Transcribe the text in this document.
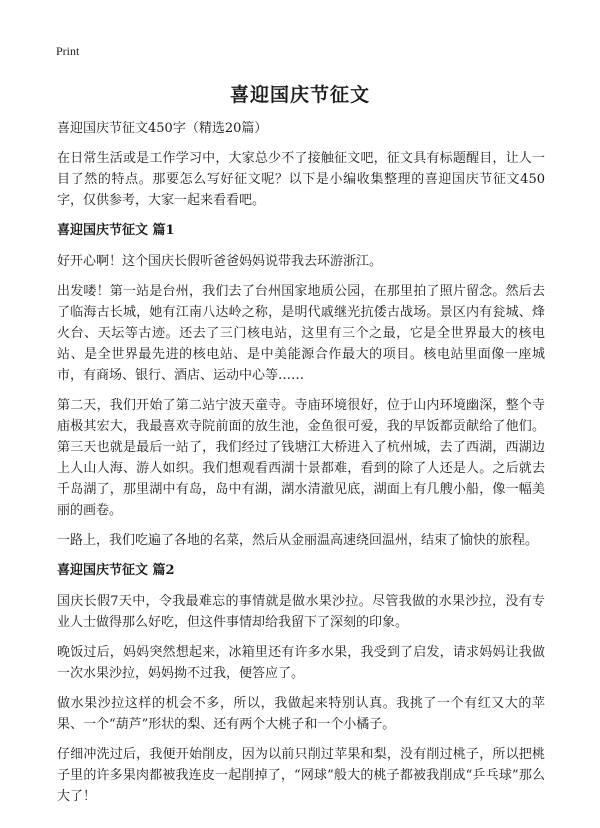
Print
喜迎国庆节征文

喜迎国庆节征文450字（精选20篇）

在日常生活或是工作学习中，大家总少不了接触征文吧，征文具有标题醒目，让人一目了然的特点。那要怎么写好征文呢？以下是小编收集整理的喜迎国庆节征文450字，仅供参考，大家一起来看看吧。

喜迎国庆节征文 篇1

好开心啊！这个国庆长假听爸爸妈妈说带我去环游浙江。

出发喽！第一站是台州，我们去了台州国家地质公园，在那里拍了照片留念。然后去了临海古长城，她有江南八达岭之称，是明代戚继光抗倭古战场。景区内有瓮城、烽火台、天坛等古迹。还去了三门核电站，这里有三个之最，它是全世界最大的核电站、是全世界最先进的核电站、是中美能源合作最大的项目。核电站里面像一座城市，有商场、银行、酒店、运动中心等……

第二天，我们开始了第二站宁波天童寺。寺庙环境很好，位于山内环境幽深，整个寺庙极其宏大，我最喜欢寺院前面的放生池，金鱼很可爱，我的早饭都贡献给了他们。第三天也就是最后一站了，我们经过了钱塘江大桥进入了杭州城，去了西湖，西湖边上人山人海、游人如织。我们想观看西湖十景都难，看到的除了人还是人。之后就去千岛湖了，那里湖中有岛，岛中有湖，湖水清澈见底，湖面上有几艘小船，像一幅美丽的画卷。

一路上，我们吃遍了各地的名菜，然后从金丽温高速绕回温州，结束了愉快的旅程。

喜迎国庆节征文 篇2

国庆长假7天中，令我最难忘的事情就是做水果沙拉。尽管我做的水果沙拉，没有专业人士做得那么好吃，但这件事情却给我留下了深刻的印象。

晚饭过后，妈妈突然想起来，冰箱里还有许多水果，我受到了启发，请求妈妈让我做一次水果沙拉，妈妈拗不过我，便答应了。

做水果沙拉这样的机会不多，所以，我做起来特别认真。我挑了一个有红又大的苹果、一个“葫芦”形状的梨、还有两个大桃子和一个小橘子。

仔细冲洗过后，我便开始削皮，因为以前只削过苹果和梨，没有削过桃子，所以把桃子里的许多果肉都被我连皮一起削掉了，“网球”般大的桃子都被我削成“乒乓球”那么大了！
